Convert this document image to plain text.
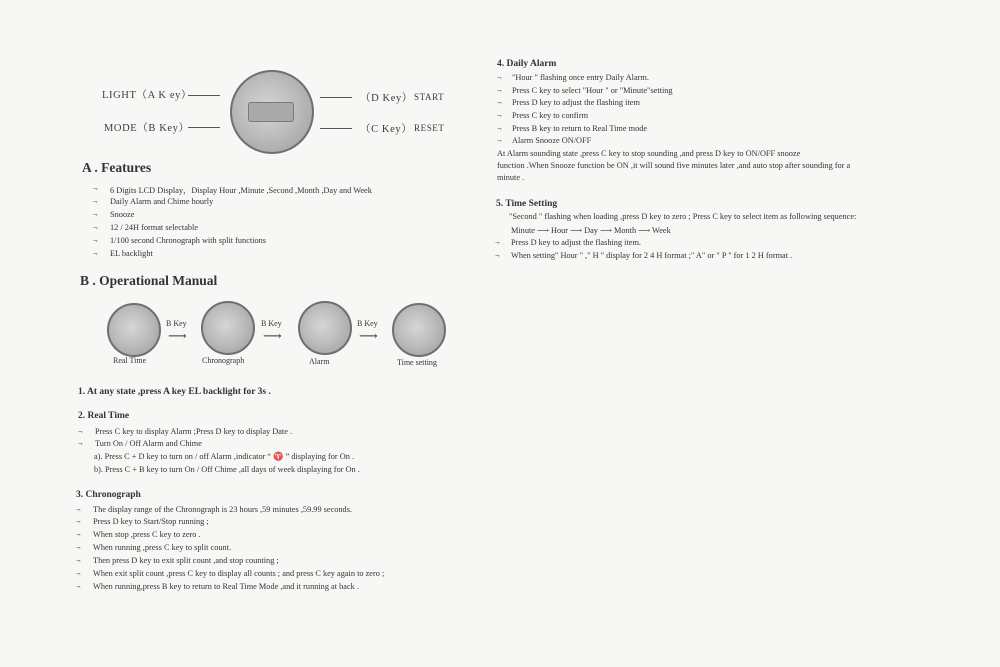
LIGHT（A K ey）
MODE（B Key）
（D Key） START
（C Key） RESET
A . Features
¬ 6 Digits LCD Display，Display Hour ,Minute ,Second ,Month ,Day and Week
¬ Daily Alarm and Chime hourly
¬ Snooze
¬ 12 / 24H format selectable
¬ 1/100 second Chronograph with split functions
¬ EL backlight
B . Operational Manual
B Key
⟶
B Key
⟶
B Key
⟶
Real Time	Chronograph	Alarm	Time setting
1. At any state ,press A key EL backlight for 3s .
2. Real Time
¬ Press C key to display Alarm ;Press D key to display Date .
¬ Turn On / Off Alarm and Chime
a). Press C + D key to turn on / off Alarm ,indicator “ ♈ ” displaying for On .
b). Press C + B key to turn On / Off Chime ,all days of week displaying for On .
3. Chronograph
¬ The display range of the Chronograph is 23 hours ,59 minutes ,59.99 seconds.
¬ Press D key to Start/Stop running ;
¬ When stop ,press C key to zero .
¬ When running ,press C key to split count.
¬ Then press D key to exit split count ,and stop counting ;
¬ When exit split count ,press C key to display all counts ; and press C key again to zero ;
¬ When running,press B key to return to Real Time Mode ,and it running at back .
4. Daily Alarm
¬ "Hour " flashing once entry Daily Alarm.
¬ Press C key to select "Hour " or "Minute"setting
¬ Press D key to adjust the flashing item
¬ Press C key to confirm
¬ Press B key to return to Real Time mode
¬ Alarm Snooze ON/OFF
At Alarm sounding state ,press C key to stop sounding ,and press D key to ON/OFF snooze
function .When Snooze function be ON ,it will sound five minutes later ,and auto stop after sounding for a
minute .
5. Time Setting
"Second " flashing when loading ,press D key to zero ; Press C key to select item as following sequence:
Minute ⟶ Hour ⟶ Day ⟶ Month ⟶ Week
¬ Press D key to adjust the flashing item.
¬ When setting" Hour " ," H " display for 2 4 H format ;" A" or " P " for 1 2 H format .
